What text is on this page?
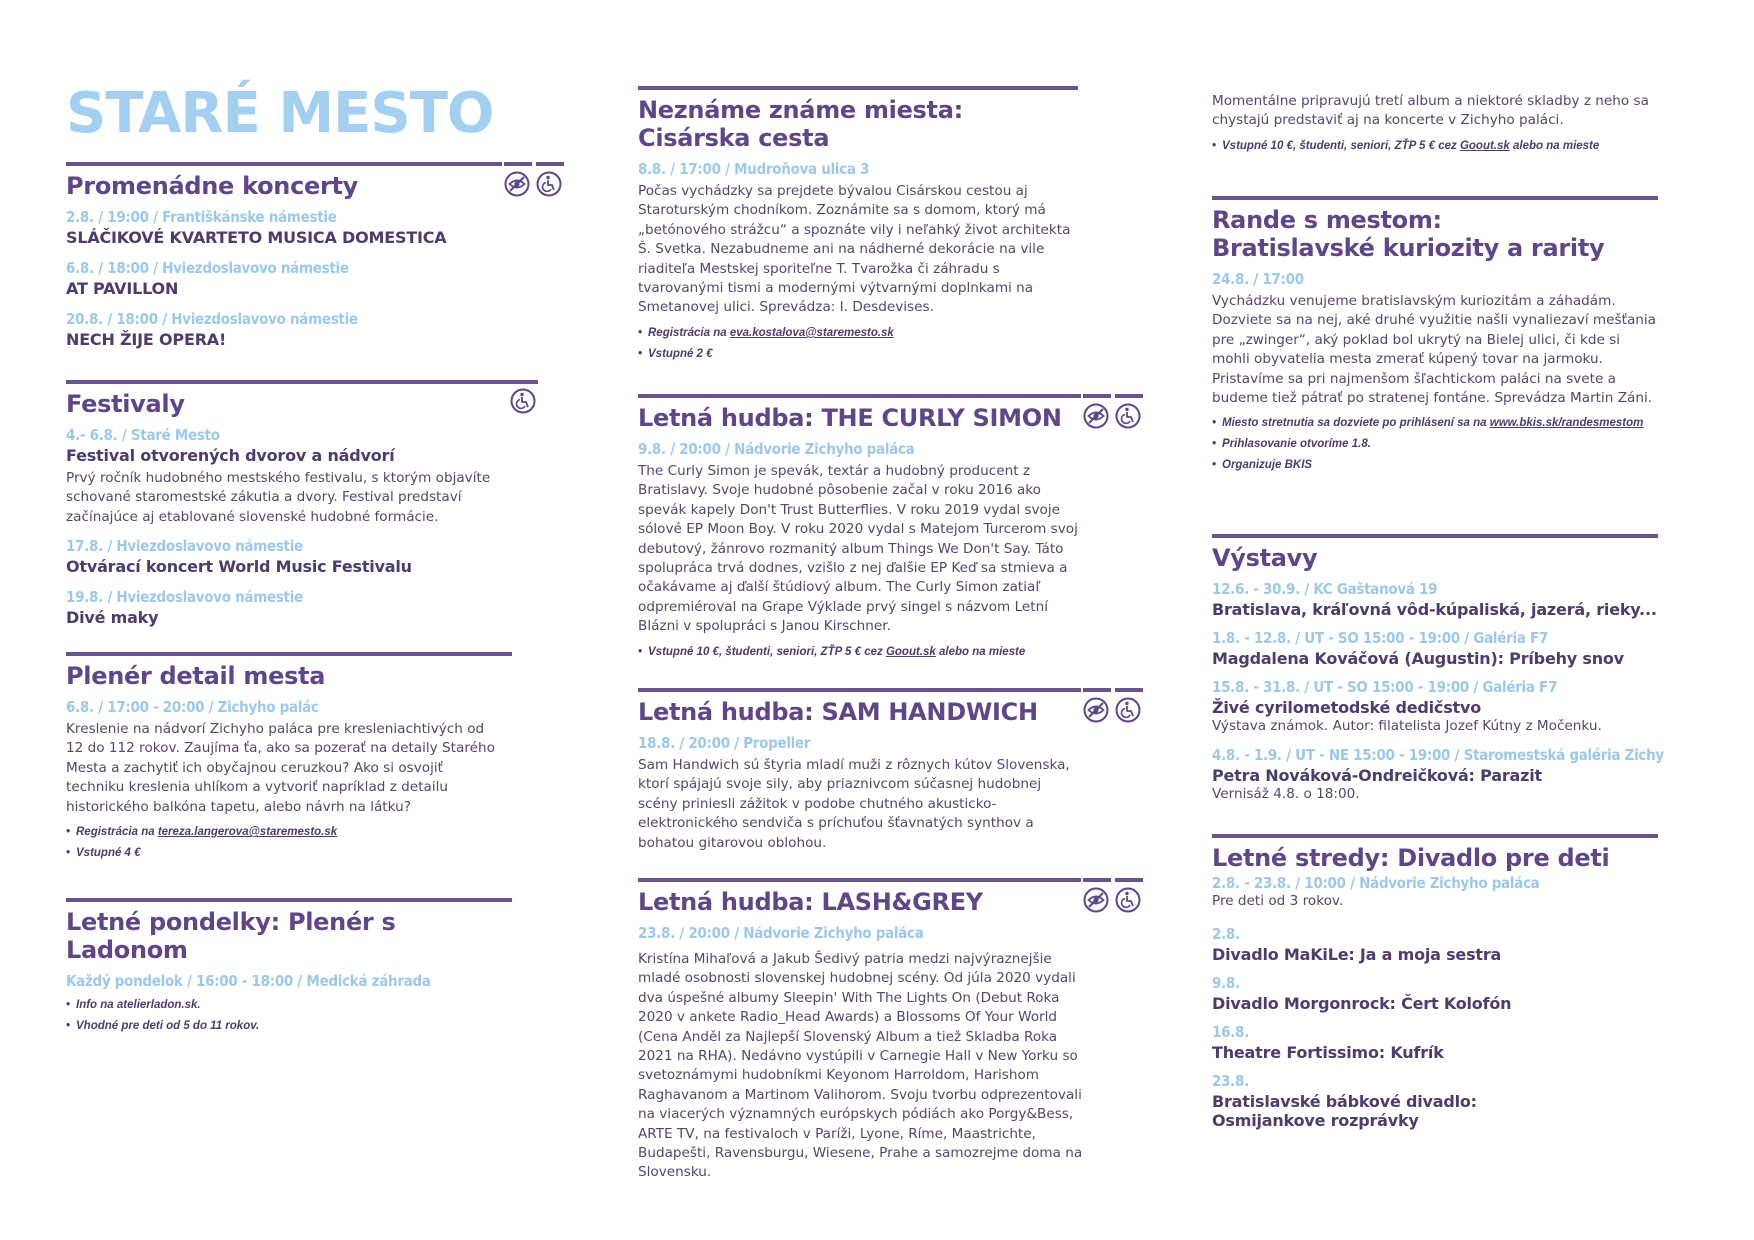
STARÉ MESTO
Promenádne koncerty
2.8. / 19:00 / Františkánske námestie
SLÁČIKOVÉ KVARTETO MUSICA DOMESTICA
6.8. / 18:00 / Hviezdoslavovo námestie
AT PAVILLON
20.8. / 18:00 / Hviezdoslavovo námestie
NECH ŽIJE OPERA!
Festivaly
4.- 6.8. / Staré Mesto
Festival otvorených dvorov a nádvorí
Prvý ročník hudobného mestského festivalu, s ktorým objavíte schované staromestské zákutia a dvory. Festival predstaví začínajúce aj etablované slovenské hudobné formácie.
17.8. / Hviezdoslavovo námestie
Otvárací koncert World Music Festivalu
19.8. / Hviezdoslavovo námestie
Divé maky
Plenér detail mesta
6.8. / 17:00 - 20:00 / Zichyho palác
Kreslenie na nádvorí Zichyho paláca pre kresleniachtivých od 12 do 112 rokov. Zaujíma ťa, ako sa pozerať na detaily Starého Mesta a zachytiť ich obyčajnou ceruzkou? Ako si osvojiť techniku kreslenia uhlíkom a vytvoriť napríklad z detailu historického balkóna tapetu, alebo návrh na látku?
• Registrácia na tereza.langerova@staremesto.sk
• Vstupné 4 €
Letné pondelky: Plenér s Ladonom
Každý pondelok / 16:00 - 18:00 / Medická záhrada
• Info na atelierladon.sk.
• Vhodné pre deti od 5 do 11 rokov.
Neznáme známe miesta:
Cisárska cesta
8.8. / 17:00 / Mudroňova ulica 3
Počas vychádzky sa prejdete bývalou Cisárskou cestou aj Staroturským chodníkom. Zoznámite sa s domom, ktorý má „betónového strážcu“ a spoznáte vily i neľahký život architekta Š. Svetka. Nezabudneme ani na nádherné dekorácie na vile riaditeľa Mestskej sporiteľne T. Tvarožka či záhradu s tvarovanými tismi a modernými výtvarnými doplnkami na Smetanovej ulici. Sprevádza: I. Desdevises.
• Registrácia na eva.kostalova@staremesto.sk
• Vstupné 2 €
Letná hudba: THE CURLY SIMON
9.8. / 20:00 / Nádvorie Zichyho paláca
The Curly Simon je spevák, textár a hudobný producent z Bratislavy. Svoje hudobné pôsobenie začal v roku 2016 ako spevák kapely Don't Trust Butterflies. V roku 2019 vydal svoje sólové EP Moon Boy. V roku 2020 vydal s Matejom Turcerom svoj debutový, žánrovo rozmanitý album Things We Don't Say. Táto spolupráca trvá dodnes, vzišlo z nej ďalšie EP Keď sa stmieva a očakávame aj ďalší štúdiový album. The Curly Simon zatiaľ odpremiéroval na Grape Výklade prvý singel s názvom Letní Blázni v spolupráci s Janou Kirschner.
• Vstupné 10 €, študenti, seniori, ZŤP 5 € cez Goout.sk alebo na mieste
Letná hudba: SAM HANDWICH
18.8. / 20:00 / Propeller
Sam Handwich sú štyria mladí muži z rôznych kútov Slovenska, ktorí spájajú svoje sily, aby priaznivcom súčasnej hudobnej scény priniesli zážitok v podobe chutného akusticko-elektronického sendviča s príchuťou šťavnatých synthov a bohatou gitarovou oblohou.
Letná hudba: LASH&GREY
23.8. / 20:00 / Nádvorie Zichyho paláca
Kristína Mihaľová a Jakub Šedivý patria medzi najvýraznejšie mladé osobnosti slovenskej hudobnej scény. Od júla 2020 vydali dva úspešné albumy Sleepin' With The Lights On (Debut Roka 2020 v ankete Radio_Head Awards) a Blossoms Of Your World (Cena Anděl za Najlepší Slovenský Album a tiež Skladba Roka 2021 na RHA). Nedávno vystúpili v Carnegie Hall v New Yorku so svetoznámymi hudobníkmi Keyonom Harroldom, Harishom Raghavanom a Martinom Valihorom. Svoju tvorbu odprezentovali na viacerých významných európskych pódiách ako Porgy&Bess, ARTE TV, na festivaloch v Paríži, Lyone, Ríme, Maastrichte, Budapešti, Ravensburgu, Wiesene, Prahe a samozrejme doma na Slovensku.
Momentálne pripravujú tretí album a niektoré skladby z neho sa chystajú predstaviť aj na koncerte v Zichyho paláci.
• Vstupné 10 €, študenti, seniori, ZŤP 5 € cez Goout.sk alebo na mieste
Rande s mestom:
Bratislavské kuriozity a rarity
24.8. / 17:00
Vychádzku venujeme bratislavským kuriozitám a záhadám. Dozviete sa na nej, aké druhé využitie našli vynaliezaví mešťania pre „zwinger“, aký poklad bol ukrytý na Bielej ulici, či kde si mohli obyvatelia mesta zmerať kúpený tovar na jarmoku. Pristavíme sa pri najmenšom šľachtickom paláci na svete a budeme tiež pátrať po stratenej fontáne. Sprevádza Martin Záni.
• Miesto stretnutia sa dozviete po prihlásení sa na www.bkis.sk/randesmestom
• Prihlasovanie otvoríme 1.8.
• Organizuje BKIS
Výstavy
12.6. - 30.9. / KC Gaštanová 19
Bratislava, kráľovná vôd-kúpaliská, jazerá, rieky...
1.8. - 12.8. / UT - SO 15:00 - 19:00 / Galéria F7
Magdalena Kováčová (Augustin): Príbehy snov
15.8. - 31.8. / UT - SO 15:00 - 19:00 / Galéria F7
Živé cyrilometodské dedičstvo
Výstava známok. Autor: filatelista Jozef Kútny z Močenku.
4.8. - 1.9. / UT - NE 15:00 - 19:00 / Staromestská galéria Zichy
Petra Nováková-Ondreičková: Parazit
Vernisáž 4.8. o 18:00.
Letné stredy: Divadlo pre deti
2.8. - 23.8. / 10:00 / Nádvorie Zichyho paláca
Pre deti od 3 rokov.
2.8.
Divadlo MaKiLe: Ja a moja sestra
9.8.
Divadlo Morgonrock: Čert Kolofón
16.8.
Theatre Fortissimo: Kufrík
23.8.
Bratislavské bábkové divadlo: Osmijankove rozprávky
